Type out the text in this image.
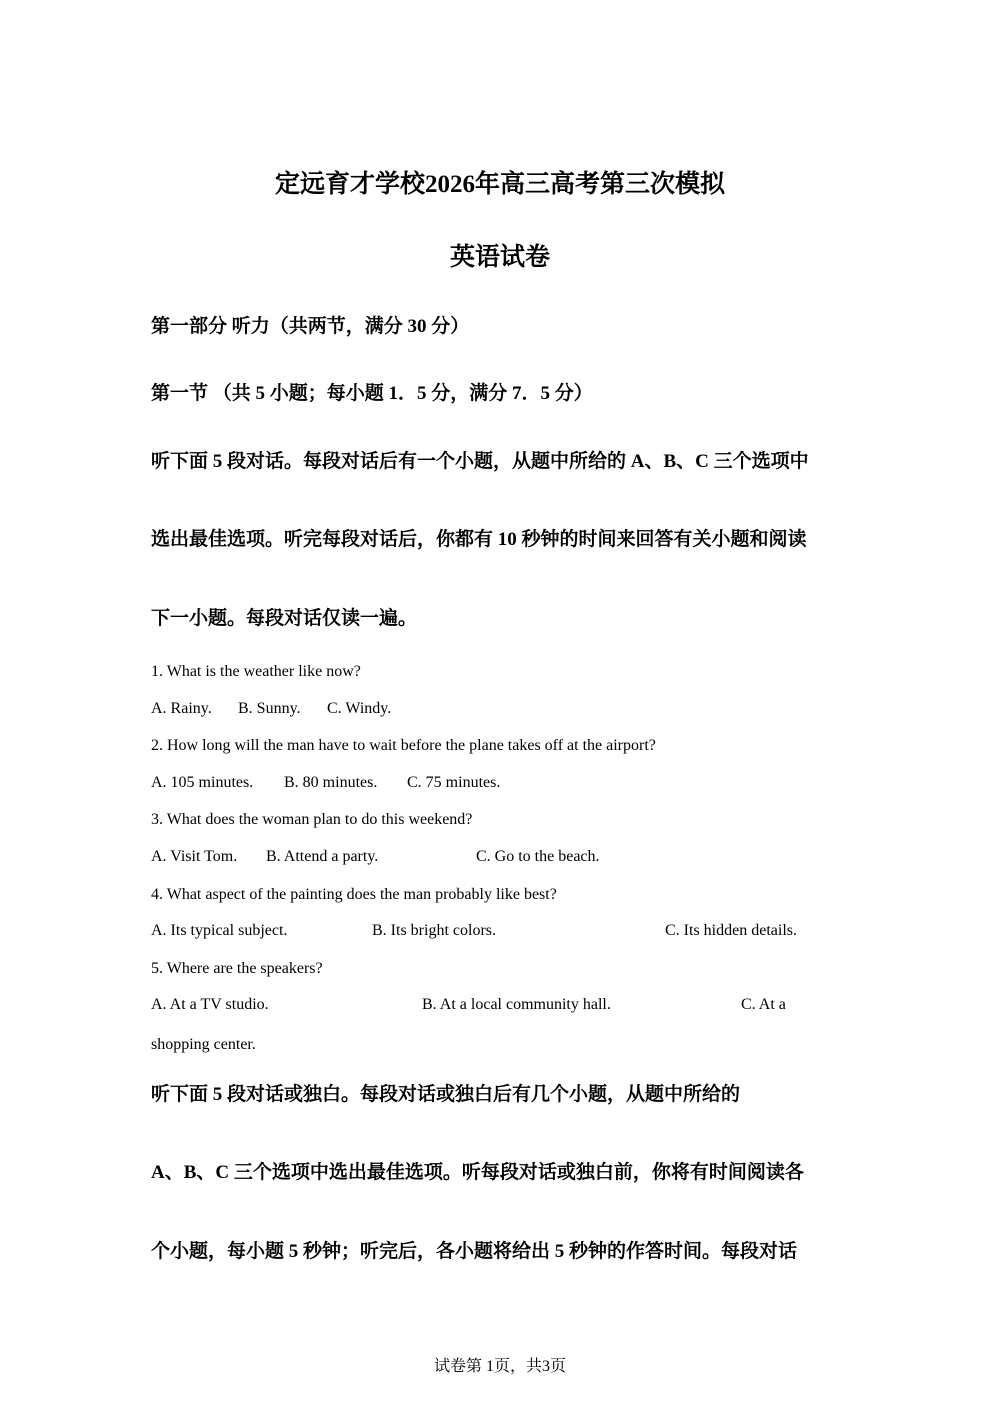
定远育才学校2026年高三高考第三次模拟
英语试卷
第一部分 听力（共两节，满分 30 分）
第一节 （共 5 小题；每小题 1．5 分，满分 7．5 分）
听下面 5 段对话。每段对话后有一个小题，从题中所给的 A、B、C 三个选项中
选出最佳选项。听完每段对话后，你都有 10 秒钟的时间来回答有关小题和阅读
下一小题。每段对话仅读一遍。
1. What is the weather like now?
A. Rainy. B. Sunny. C. Windy.
2. How long will the man have to wait before the plane takes off at the airport?
A. 105 minutes. B. 80 minutes. C. 75 minutes.
3. What does the woman plan to do this weekend?
A. Visit Tom. B. Attend a party.	C. Go to the beach.
4. What aspect of the painting does the man probably like best?
A. Its typical subject.	B. Its bright colors.	C. Its hidden details.
5. Where are the speakers?
A. At a TV studio.	B. At a local community hall.	C. At a
shopping center.
听下面 5 段对话或独白。每段对话或独白后有几个小题，从题中所给的
A、B、C 三个选项中选出最佳选项。听每段对话或独白前，你将有时间阅读各
个小题，每小题 5 秒钟；听完后，各小题将给出 5 秒钟的作答时间。每段对话
试卷第 1页，共3页
